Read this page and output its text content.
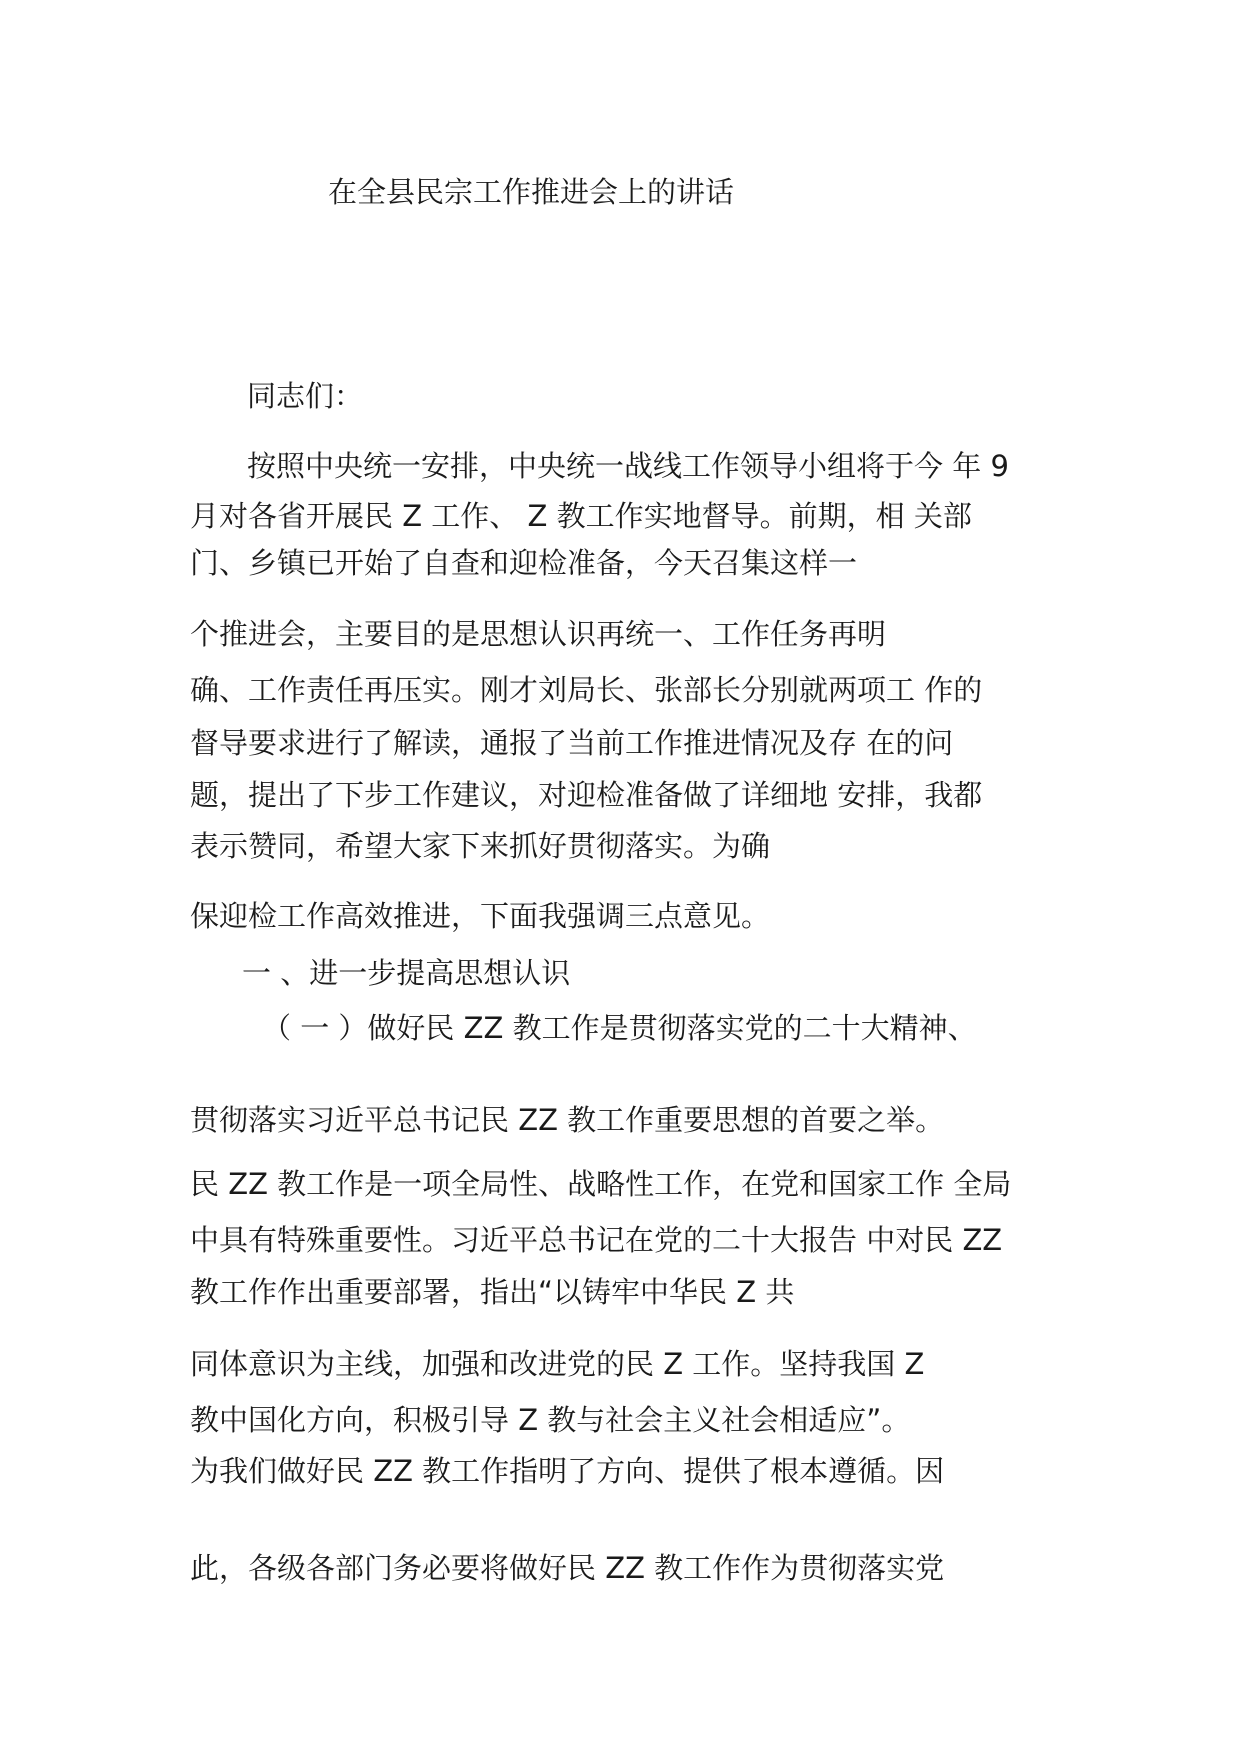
在全县民宗工作推进会上的讲话
同志们：
按照中央统一安排，中央统一战线工作领导小组将于今 年 9
月对各省开展民 Z 工作、 Z 教工作实地督导。前期，相 关部
门、乡镇已开始了自查和迎检准备，今天召集这样一
个推进会，主要目的是思想认识再统一、工作任务再明
确、工作责任再压实。刚才刘局长、张部长分别就两项工 作的
督导要求进行了解读，通报了当前工作推进情况及存 在的问
题，提出了下步工作建议，对迎检准备做了详细地 安排，我都
表示赞同，希望大家下来抓好贯彻落实。为确
保迎检工作高效推进，下面我强调三点意见。
一 、进一步提高思想认识
（ 一 ）做好民 ZZ 教工作是贯彻落实党的二十大精神、
贯彻落实习近平总书记民 ZZ 教工作重要思想的首要之举。
民 ZZ 教工作是一项全局性、战略性工作，在党和国家工作 全局
中具有特殊重要性。习近平总书记在党的二十大报告 中对民 ZZ
教工作作出重要部署，指出“以铸牢中华民 Z 共
同体意识为主线，加强和改进党的民 Z 工作。坚持我国 Z
教中国化方向，积极引导 Z 教与社会主义社会相适应”。
为我们做好民 ZZ 教工作指明了方向、提供了根本遵循。因
此，各级各部门务必要将做好民 ZZ 教工作作为贯彻落实党
